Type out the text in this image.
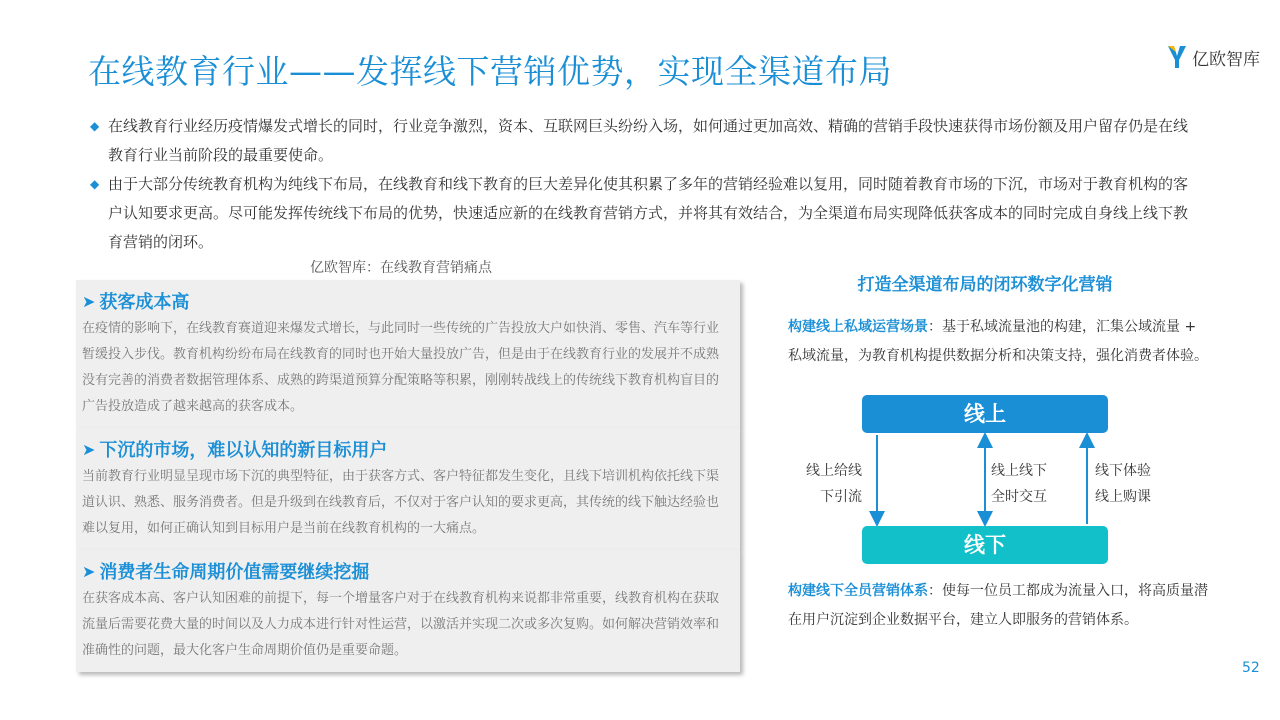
在线教育行业——发挥线下营销优势，实现全渠道布局	亿欧智库
◆ 在线教育行业经历疫情爆发式增长的同时，行业竞争激烈，资本、互联网巨头纷纷入场，如何通过更加高效、精确的营销手段快速获得市场份额及用户留存仍是在线教育行业当前阶段的最重要使命。
◆ 由于大部分传统教育机构为纯线下布局，在线教育和线下教育的巨大差异化使其积累了多年的营销经验难以复用，同时随着教育市场的下沉，市场对于教育机构的客户认知要求更高。尽可能发挥传统线下布局的优势，快速适应新的在线教育营销方式，并将其有效结合，为全渠道布局实现降低获客成本的同时完成自身线上线下教育营销的闭环。
亿欧智库：在线教育营销痛点
➤ 获客成本高
在疫情的影响下，在线教育赛道迎来爆发式增长，与此同时一些传统的广告投放大户如快消、零售、汽车等行业暂缓投入步伐。教育机构纷纷布局在线教育的同时也开始大量投放广告，但是由于在线教育行业的发展并不成熟没有完善的消费者数据管理体系、成熟的跨渠道预算分配策略等积累，刚刚转战线上的传统线下教育机构盲目的广告投放造成了越来越高的获客成本。
➤ 下沉的市场，难以认知的新目标用户
当前教育行业明显呈现市场下沉的典型特征，由于获客方式、客户特征都发生变化，且线下培训机构依托线下渠道认识、熟悉、服务消费者。但是升级到在线教育后，不仅对于客户认知的要求更高，其传统的线下触达经验也难以复用，如何正确认知到目标用户是当前在线教育机构的一大痛点。
➤ 消费者生命周期价值需要继续挖掘
在获客成本高、客户认知困难的前提下，每一个增量客户对于在线教育机构来说都非常重要，线教育机构在获取流量后需要花费大量的时间以及人力成本进行针对性运营，以激活并实现二次或多次复购。如何解决营销效率和准确性的问题，最大化客户生命周期价值仍是重要命题。
打造全渠道布局的闭环数字化营销
构建线上私域运营场景：基于私域流量池的构建，汇集公域流量 + 私域流量，为教育机构提供数据分析和决策支持，强化消费者体验。
线上
线上给线
下引流
线上线下
全时交互
线下体验
线上购课
线下
构建线下全员营销体系：使每一位员工都成为流量入口，将高质量潜在用户沉淀到企业数据平台，建立人即服务的营销体系。
52
